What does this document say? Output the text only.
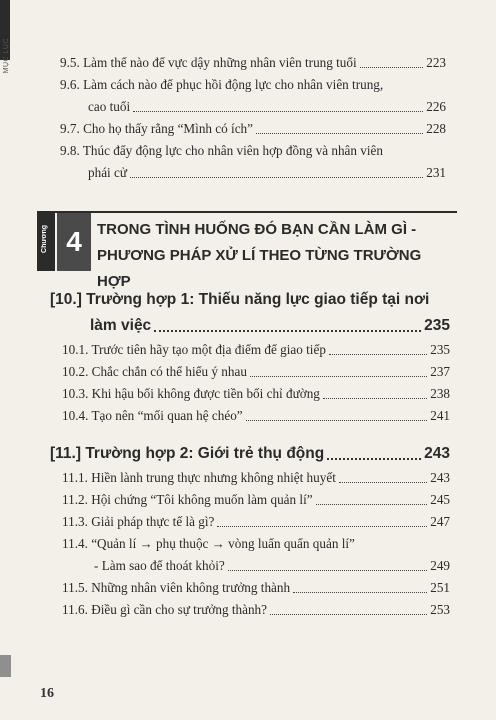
MỤC LỤC	9.5. Làm thế nào để vực dậy những nhân viên trung tuổi	223
9.6. Làm cách nào để phục hồi động lực cho nhân viên trung,
cao tuổi	226
9.7. Cho họ thấy rằng “Mình có ích”	228
9.8. Thúc đẩy động lực cho nhân viên hợp đồng và nhân viên
phái cử	231
Chương 4	TRONG TÌNH HUỐNG ĐÓ BẠN CẦN LÀM GÌ - PHƯƠNG PHÁP XỬ LÍ THEO TỪNG TRƯỜNG HỢP
[10.] Trường hợp 1: Thiếu năng lực giao tiếp tại nơi
làm việc	235
10.1. Trước tiên hãy tạo một địa điểm để giao tiếp	235
10.2. Chắc chắn có thể hiểu ý nhau	237
10.3. Khi hậu bối không được tiền bối chỉ đường	238
10.4. Tạo nên “mối quan hệ chéo”	241
[11.] Trường hợp 2: Giới trẻ thụ động	243
11.1. Hiền lành trung thực nhưng không nhiệt huyết	243
11.2. Hội chứng “Tôi không muốn làm quản lí”	245
11.3. Giải pháp thực tế là gì?	247
11.4. “Quản lí → phụ thuộc → vòng luẩn quẩn quản lí”
- Làm sao để thoát khỏi?	249
11.5. Những nhân viên không trưởng thành	251
11.6. Điều gì cần cho sự trưởng thành?	253
16
